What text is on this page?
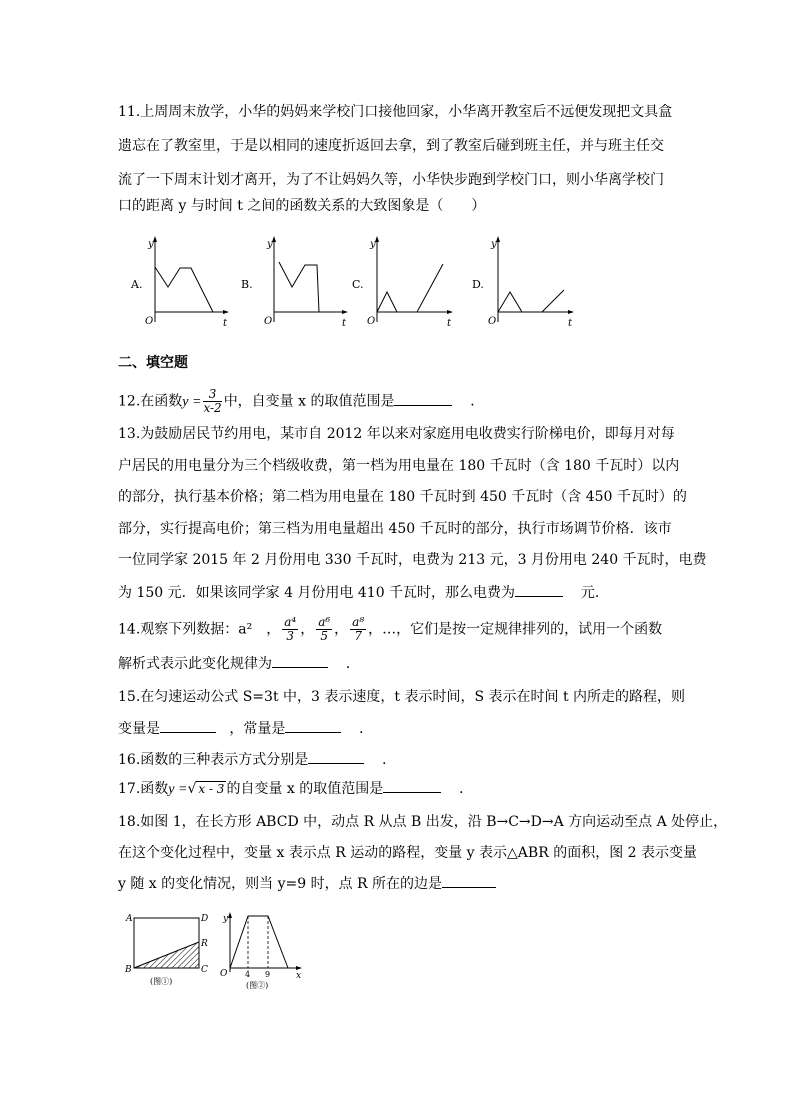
11.上周周末放学，小华的妈妈来学校门口接他回家，小华离开教室后不远便发现把文具盒
遗忘在了教室里，于是以相同的速度折返回去拿，到了教室后碰到班主任，并与班主任交
流了一下周末计划才离开，为了不让妈妈久等，小华快步跑到学校门口，则小华离学校门
口的距离 y 与时间 t 之间的函数关系的大致图象是（　　）
A.
y
O	t
B.
y
O	t
C.
y
O	t
D.
y
O	t
二、填空题
12.在函数$y = \frac{3}{x-2}$ 中，自变量 x 的取值范围是	．
13.为鼓励居民节约用电，某市自 2012 年以来对家庭用电收费实行阶梯电价，即每月对每
户居民的用电量分为三个档级收费，第一档为用电量在 180 千瓦时（含 180 千瓦时）以内
的部分，执行基本价格；第二档为用电量在 180 千瓦时到 450 千瓦时（含 450 千瓦时）的
部分，实行提高电价；第三档为用电量超出 450 千瓦时的部分，执行市场调节价格．该市
一位同学家 2015 年 2 月份用电 330 千瓦时，电费为 213 元，3 月份用电 240 千瓦时，电费
为 150 元．如果该同学家 4 月份用电 410 千瓦时，那么电费为	元．
14.观察下列数据：a²　， $\frac{\text{a⁴}}{3}$ ， $\frac{\text{a⁶}}{5}$ ， $\frac{\text{a⁸}}{7}$ ，…，它们是按一定规律排列的，试用一个函数
解析式表示此变化规律为	．
15.在匀速运动公式 S=3t 中，3 表示速度，t 表示时间，S 表示在时间 t 内所走的路程，则
变量是	，常量是	．
16.函数的三种表示方式分别是	．
17.函数y =√ x - 3 的自变量 x 的取值范围是	．
18.如图 1，在长方形 ABCD 中，动点 R 从点 B 出发，沿 B→C→D→A 方向运动至点 A 处停止，
在这个变化过程中，变量 x 表示点 R 运动的路程，变量 y 表示△ABR 的面积，图 2 表示变量
y 随 x 的变化情况，则当 y=9 时，点 R 所在的边是
A	D
R
B	C
(图①)
y
O	x
4 9
(图②)
